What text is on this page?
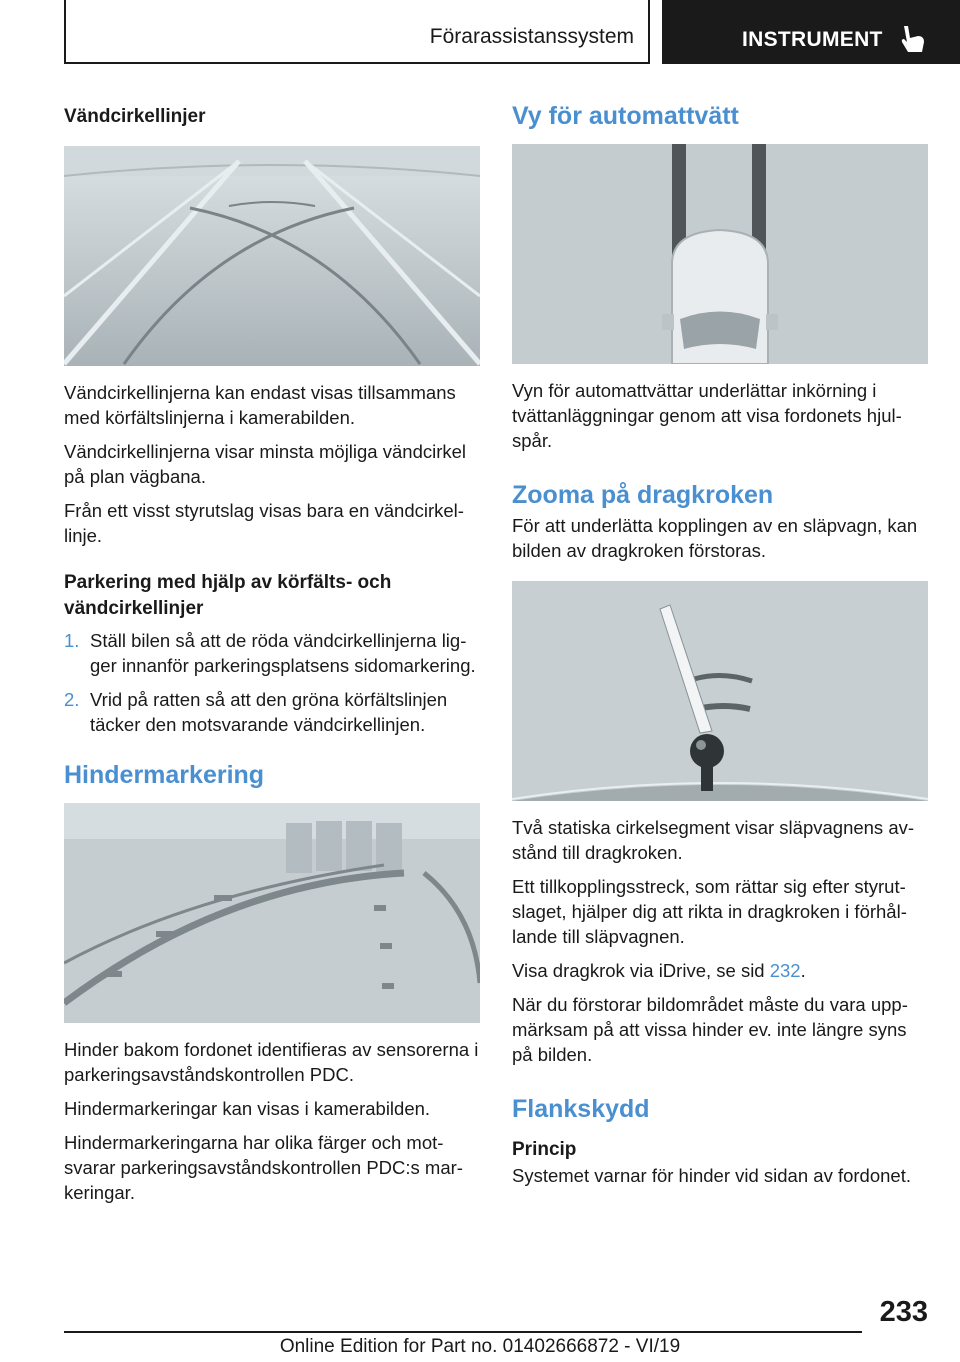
Förarassistanssystem	INSTRUMENT
Vändcirkellinjer

Vändcirkellinjerna kan endast visas tillsammans med körfältslinjerna i kamerabilden.

Vändcirkellinjerna visar minsta möjliga vändcirkel på plan vägbana.

Från ett visst styrutslag visas bara en vändcirkellinje.

Parkering med hjälp av körfälts- och vändcirkellinjer
1. Ställ bilen så att de röda vändcirkellinjerna ligger innanför parkeringsplatsens sidomarkering.
2. Vrid på ratten så att den gröna körfältslinjen täcker den motsvarande vändcirkellinjen.
Hindermarkering

Hinder bakom fordonet identifieras av sensorerna i parkeringsavståndskontrollen PDC.

Hindermarkeringar kan visas i kamerabilden.

Hindermarkeringarna har olika färger och motsvarar parkeringsavståndskontrollen PDC:s markeringar.

Vy för automattvätt

Vyn för automattvättar underlättar inkörning i tvättanläggningar genom att visa fordonets hjulspår.

Zooma på dragkroken

För att underlätta kopplingen av en släpvagn, kan bilden av dragkroken förstoras.

Två statiska cirkelsegment visar släpvagnens avstånd till dragkroken.

Ett tillkopplingsstreck, som rättar sig efter styrutslaget, hjälper dig att rikta in dragkroken i förhållande till släpvagnen.

Visa dragkrok via iDrive, se sid 232.

När du förstorar bildområdet måste du vara uppmärksam på att vissa hinder ev. inte längre syns på bilden.

Flankskydd
Princip

Systemet varnar för hinder vid sidan av fordonet.

233
Online Edition for Part no. 01402666872 - VI/19
